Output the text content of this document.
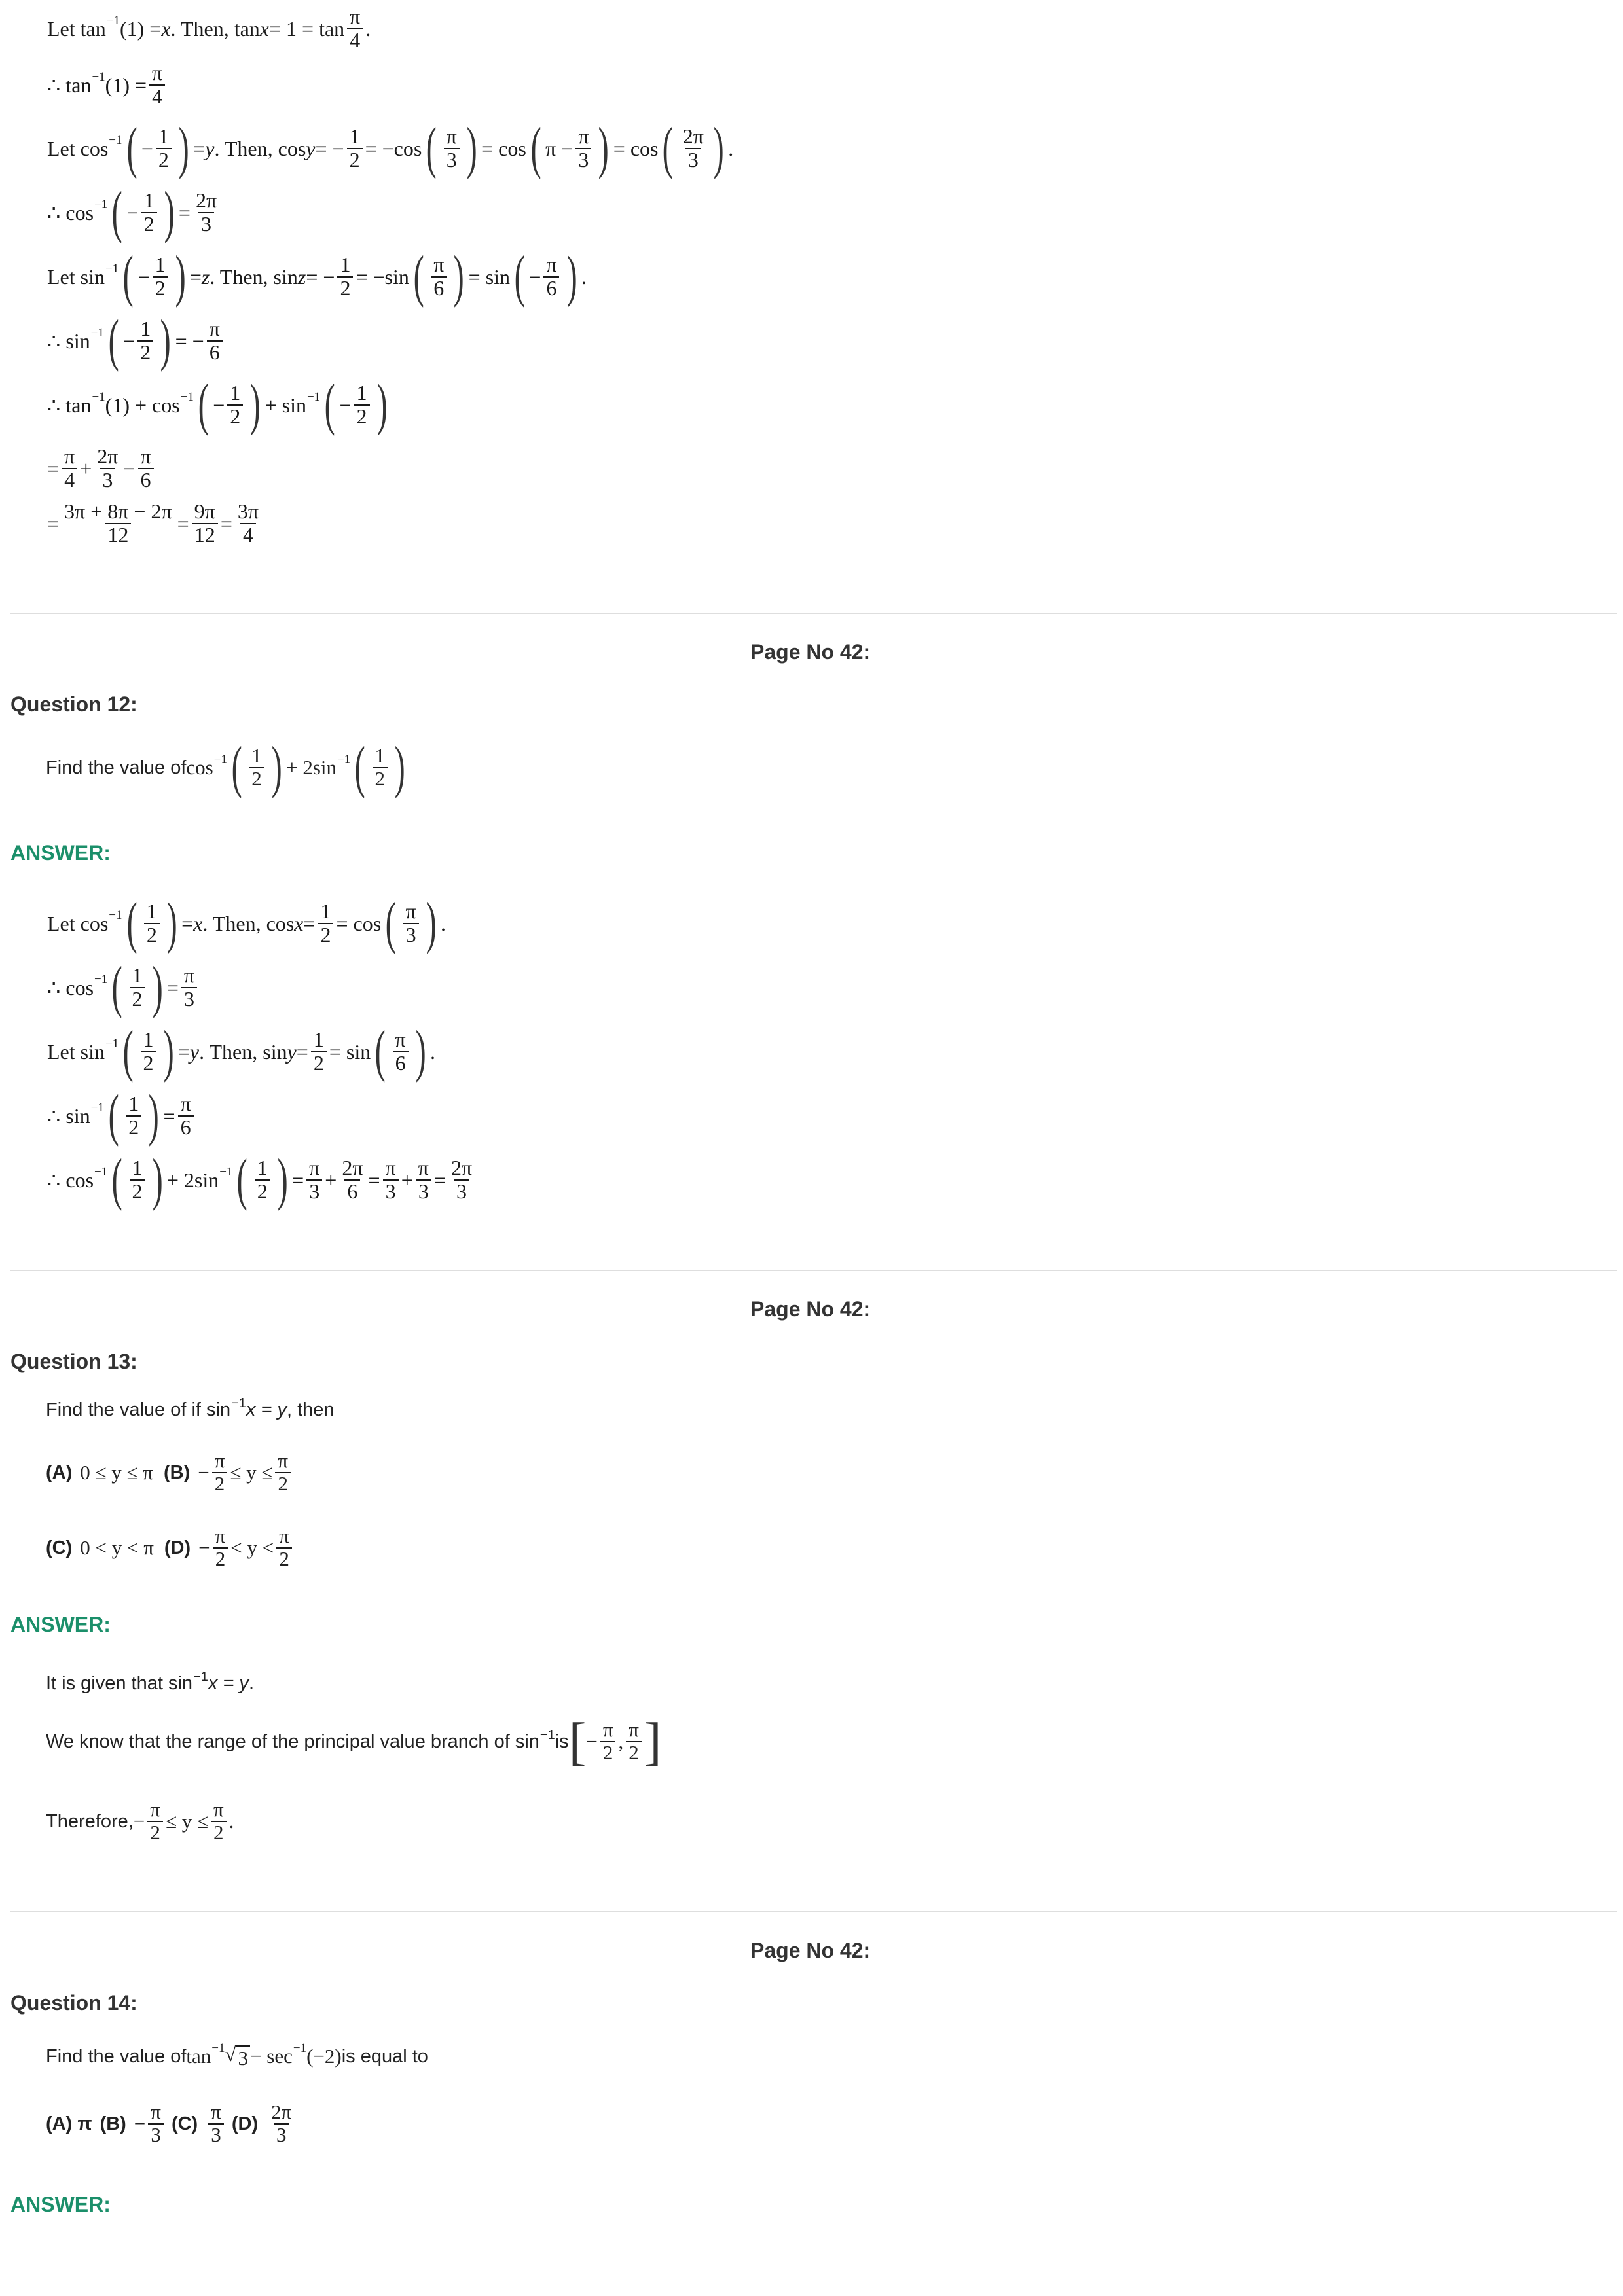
Let $\tan^{-1} (1) = x$ . Then, $\tan x = 1 = \tan \frac{\pi}{4}$ .
∴ $\tan^{-1} (1) = \frac{\pi}{4}$
Let $\cos^{-1}$ ( − $\frac{1}{2}$ ) = y . Then, cos y = − $\frac{1}{2} = -\cos$ ( $\frac{\pi}{3}$ ) = cos ( $\pi - \frac{\pi}{3}$ ) = cos ( $\frac{2\pi}{3}$ ) .
∴ $\cos^{-1}$ ( − $\frac{1}{2}$ ) = $\frac{2\pi}{3}$
Let $\sin^{-1}$ ( − $\frac{1}{2}$ ) = z . Then, sin z = − $\frac{1}{2} = -\sin$ ( $\frac{\pi}{6}$ ) = sin ( − $\frac{\pi}{6}$ ) .
∴ $\sin^{-1}$ ( − $\frac{1}{2}$ ) = − $\frac{\pi}{6}$
∴ $\tan^{-1} (1) + \cos^{-1}$ ( − $\frac{1}{2}$ ) + $\sin^{-1}$ ( − $\frac{1}{2}$ )
= $\frac{\pi}{4} + \frac{2\pi}{3} - \frac{\pi}{6}$
= $\frac{3\pi + 8\pi - 2\pi}{12} = \frac{9\pi}{12} = \frac{3\pi}{4}$
Page No 42:
Question 12:
Find the value of $\cos^{-1}$ ( $\frac{1}{2}$ ) + $2\sin^{-1}$ ( $\frac{1}{2}$ )
ANSWER:
Let $\cos^{-1}$ ( $\frac{1}{2}$ ) = x . Then, $\cos x = \frac{1}{2} = \cos$ ( $\frac{\pi}{3}$ ) .
∴ $\cos^{-1}$ ( $\frac{1}{2}$ ) = $\frac{\pi}{3}$
Let $\sin^{-1}$ ( $\frac{1}{2}$ ) = y . Then, $\sin y = \frac{1}{2} = \sin$ ( $\frac{\pi}{6}$ ) .
∴ $\sin^{-1}$ ( $\frac{1}{2}$ ) = $\frac{\pi}{6}$
∴ $\cos^{-1}$ ( $\frac{1}{2}$ ) + $2\sin^{-1}$ ( $\frac{1}{2}$ ) = $\frac{\pi}{3} + \frac{2\pi}{6} = \frac{\pi}{3} + \frac{\pi}{3} = \frac{2\pi}{3}$
Page No 42:
Question 13:
Find the value of if $\sin^{-1} x = y$ , then
(A) 0 ≤ y ≤ π $(B) - \frac{\pi}{2} \le y \le \frac{\pi}{2}$
(C) 0 < y < π $(D) - \frac{\pi}{2} < y < \frac{\pi}{2}$
ANSWER:
It is given that $\sin^{-1} x = y$ .
We know that the range of the principal value branch of $\sin^{-1}$ is [ − $\frac{\pi}{2}$ , $\frac{\pi}{2}$ ]
Therefore, − $\frac{\pi}{2} \le y \le \frac{\pi}{2}$ .
Page No 42:
Question 14:
Find the value of $\tan^{-1}$ √ $3 - \sec^{-1} (-2)$ is equal to
(A) π $(B) - \frac{\pi}{3} (C) \frac{\pi}{3} (D) \frac{2\pi}{3}$
ANSWER:
